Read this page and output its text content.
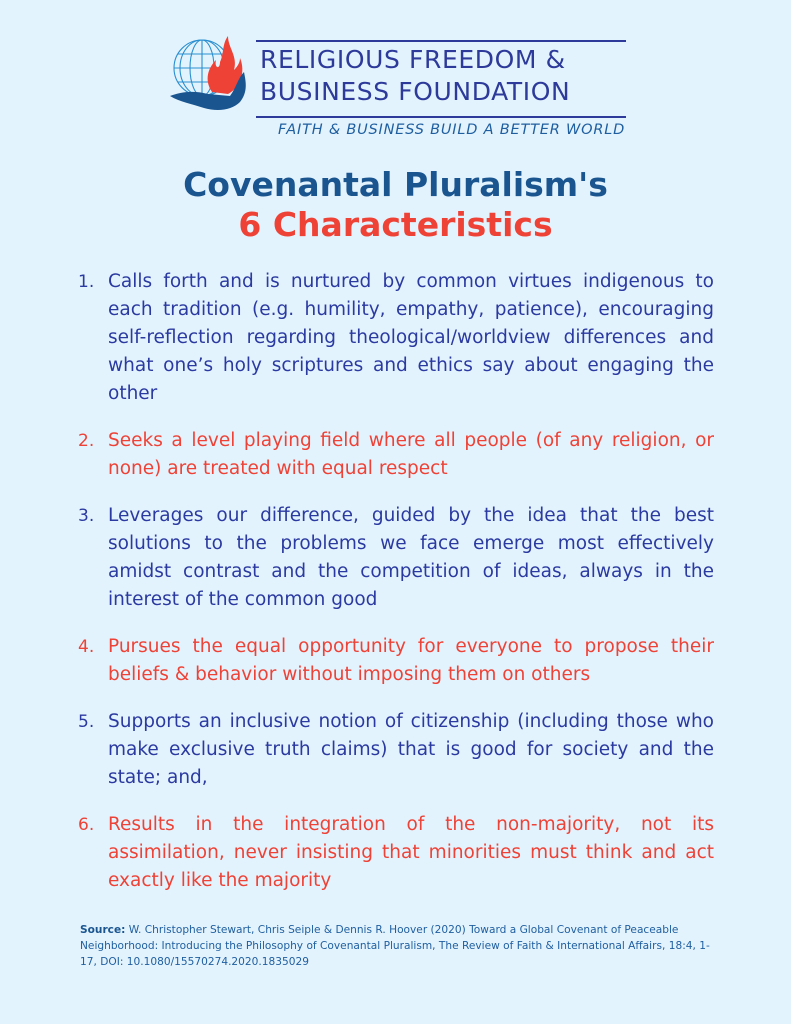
RELIGIOUS FREEDOM &
BUSINESS FOUNDATION
FAITH & BUSINESS BUILD A BETTER WORLD
Covenantal Pluralism's
6 Characteristics
1. Calls forth and is nurtured by common virtues indigenous to each tradition (e.g. humility, empathy, patience), encouraging self-reflection regarding theological/worldview differences and what one’s holy scriptures and ethics say about engaging the other
2. Seeks a level playing field where all people (of any religion, or none) are treated with equal respect
3. Leverages our difference, guided by the idea that the best solutions to the problems we face emerge most effectively amidst contrast and the competition of ideas, always in the interest of the common good
4. Pursues the equal opportunity for everyone to propose their beliefs & behavior without imposing them on others
5. Supports an inclusive notion of citizenship (including those who make exclusive truth claims) that is good for society and the state; and,
6. Results in the integration of the non-majority, not its assimilation, never insisting that minorities must think and act exactly like the majority
Source: W. Christopher Stewart, Chris Seiple & Dennis R. Hoover (2020) Toward a Global Covenant of Peaceable Neighborhood: Introducing the Philosophy of Covenantal Pluralism, The Review of Faith & International Affairs, 18:4, 1-17, DOI: 10.1080/15570274.2020.1835029
